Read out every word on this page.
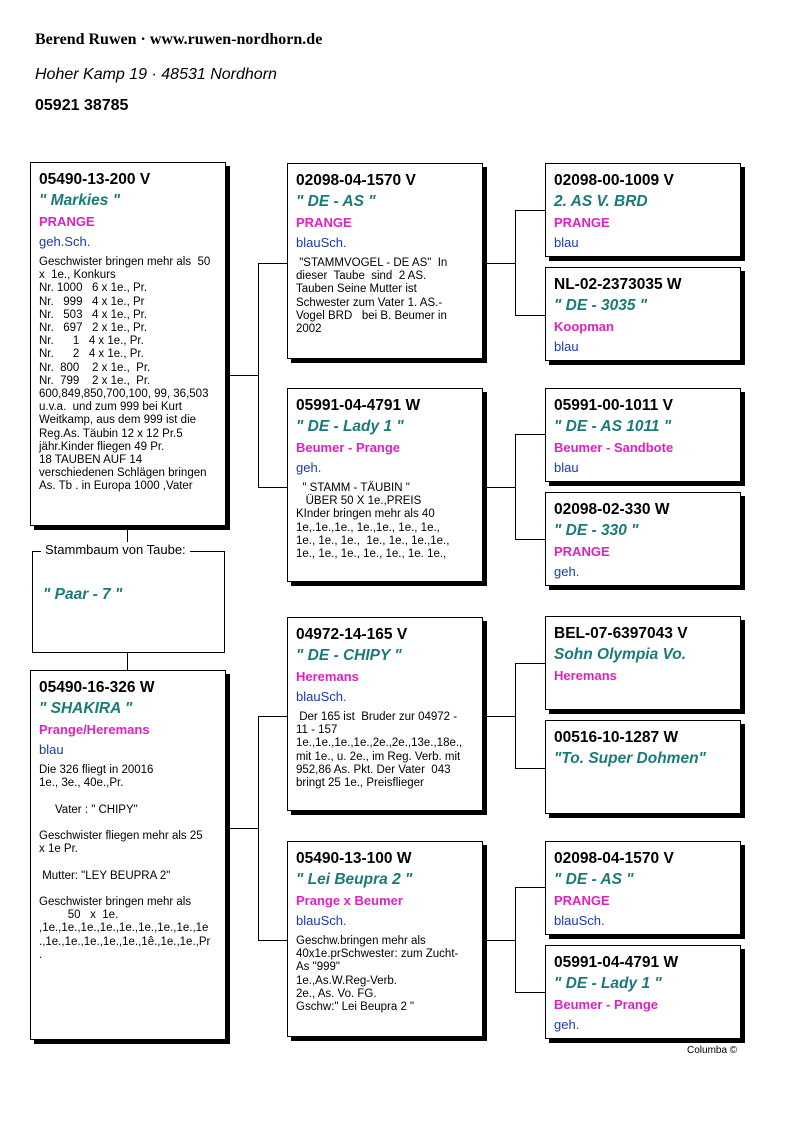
Berend Ruwen · www.ruwen-nordhorn.de
Hoher Kamp 19 · 48531 Nordhorn
05921 38785
05490-13-200 V
" Markies "
PRANGE
geh.Sch.
Geschwister bringen mehr als  50
x  1e., Konkurs
Nr. 1000   6 x 1e., Pr.
Nr.   999   4 x 1e., Pr
Nr.   503   4 x 1e., Pr.
Nr.   697   2 x 1e., Pr.
Nr.      1   4 x 1e., Pr.
Nr.      2   4 x 1e., Pr.
Nr.  800    2 x 1e.,  Pr.
Nr.  799    2 x 1e.,  Pr.
600,849,850,700,100, 99, 36,503
u.v.a.  und zum 999 bei Kurt
Weitkamp, aus dem 999 ist die
Reg.As. Täubin 12 x 12 Pr.5
jähr.Kinder fliegen 49 Pr.
18 TAUBEN AUF 14
verschiedenen Schlägen bringen
As. Tb . in Europa 1000 ,Vater
" Paar - 7 "
Stammbaum von Taube:
05490-16-326 W
" SHAKIRA "
Prange/Heremans
blau
Die 326 fliegt in 20016
1e., 3e., 40e.,Pr.

Vater : " CHIPY"

Geschwister fliegen mehr als 25
x 1e Pr.

Mutter: "LEY BEUPRA 2"

Geschwister bringen mehr als
50   x  1e.
,1e.,1e.,1e.,1e.,1e.,1e.,1e.,1e.,1e
.,1e.,1e.,1e.,1e.,1e.,1ê.,1e.,1e.,Pr
.
02098-04-1570 V
" DE - AS "
PRANGE
blauSch.
"STAMMVOGEL - DE AS"  In
dieser  Taube  sind  2 AS.
Tauben Seine Mutter ist
Schwester zum Vater 1. AS.-
Vogel BRD   bei B. Beumer in
2002
05991-04-4791 W
" DE - Lady 1 "
Beumer - Prange
geh.
" STAMM - TÄUBIN "
ÜBER 50 X 1e.,PREIS
KInder bringen mehr als 40
1e,.1e.,1e., 1e.,1e., 1e., 1e.,
1e., 1e., 1e.,  1e., 1e., 1e.,1e.,
1e., 1e., 1e., 1e., 1e., 1e. 1e.,
04972-14-165 V
" DE - CHIPY "
Heremans
blauSch.
Der 165 ist  Bruder zur 04972 -
11 - 157
1e.,1e.,1e.,1e.,2e.,2e.,13e.,18e.,
mit 1e., u. 2e., im Reg. Verb. mit
952,86 As. Pkt. Der Vater  043
bringt 25 1e., Preisflieger
05490-13-100 W
" Lei Beupra 2 "
Prange x Beumer
blauSch.
Geschw.bringen mehr als
40x1e.prSchwester: zum Zucht-
As "999"
1e.,As.W.Reg-Verb.
2e., As. Vo. FG.
Gschw:" Lei Beupra 2 "
02098-00-1009 V
2. AS V. BRD
PRANGE
blau
NL-02-2373035 W
" DE - 3035 "
Koopman
blau
05991-00-1011 V
" DE - AS 1011 "
Beumer - Sandbote
blau
02098-02-330 W
" DE - 330 "
PRANGE
geh.
BEL-07-6397043 V
Sohn Olympia Vo.
Heremans
00516-10-1287 W
"To. Super Dohmen"
02098-04-1570 V
" DE - AS "
PRANGE
blauSch.
05991-04-4791 W
" DE - Lady 1 "
Beumer - Prange
geh.
Columba ©
